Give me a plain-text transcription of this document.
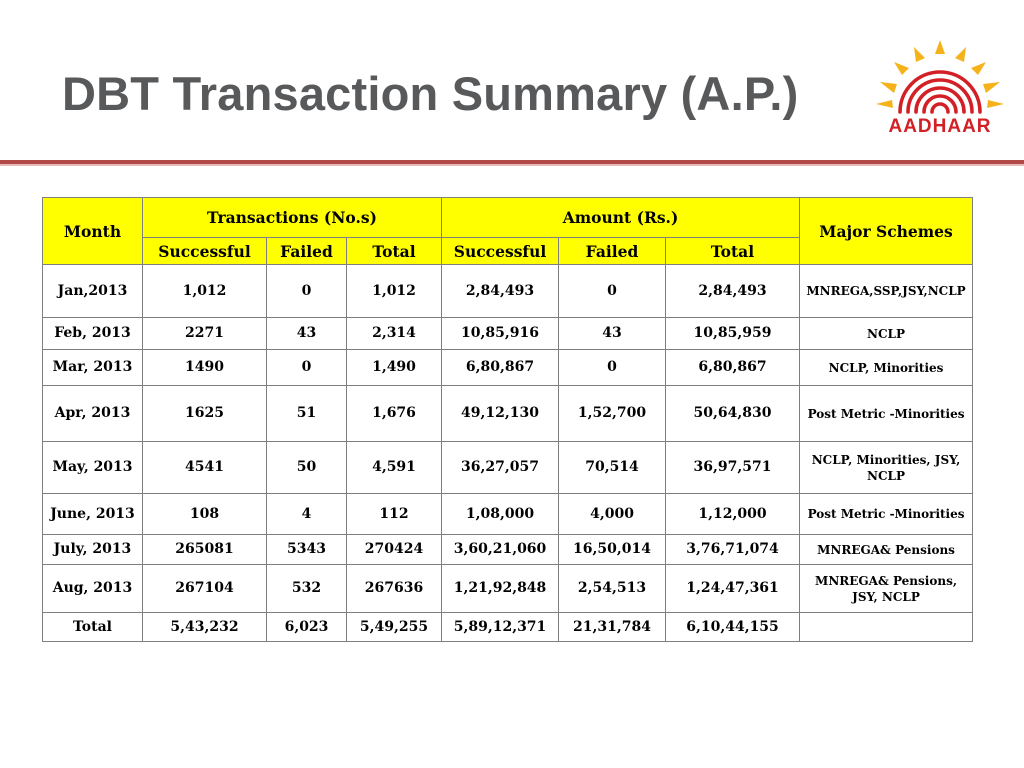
DBT Transaction Summary (A.P.)
AADHAAR
Month	Transactions (No.s)			Amount (Rs.)			Major Schemes
	Successful	Failed	Total	Successful	Failed	Total	
Jan,2013	1,012	0	1,012	2,84,493	0	2,84,493	MNREGA,SSP,JSY,NCLP
Feb, 2013	2271	43	2,314	10,85,916	43	10,85,959	NCLP
Mar, 2013	1490	0	1,490	6,80,867	0	6,80,867	NCLP, Minorities
Apr, 2013	1625	51	1,676	49,12,130	1,52,700	50,64,830	Post Metric -Minorities
May, 2013	4541	50	4,591	36,27,057	70,514	36,97,571	NCLP, Minorities, JSY, NCLP
June, 2013	108	4	112	1,08,000	4,000	1,12,000	Post Metric -Minorities
July, 2013	265081	5343	270424	3,60,21,060	16,50,014	3,76,71,074	MNREGA& Pensions
Aug, 2013	267104	532	267636	1,21,92,848	2,54,513	1,24,47,361	MNREGA& Pensions, JSY, NCLP
Total	5,43,232	6,023	5,49,255	5,89,12,371	21,31,784	6,10,44,155	
